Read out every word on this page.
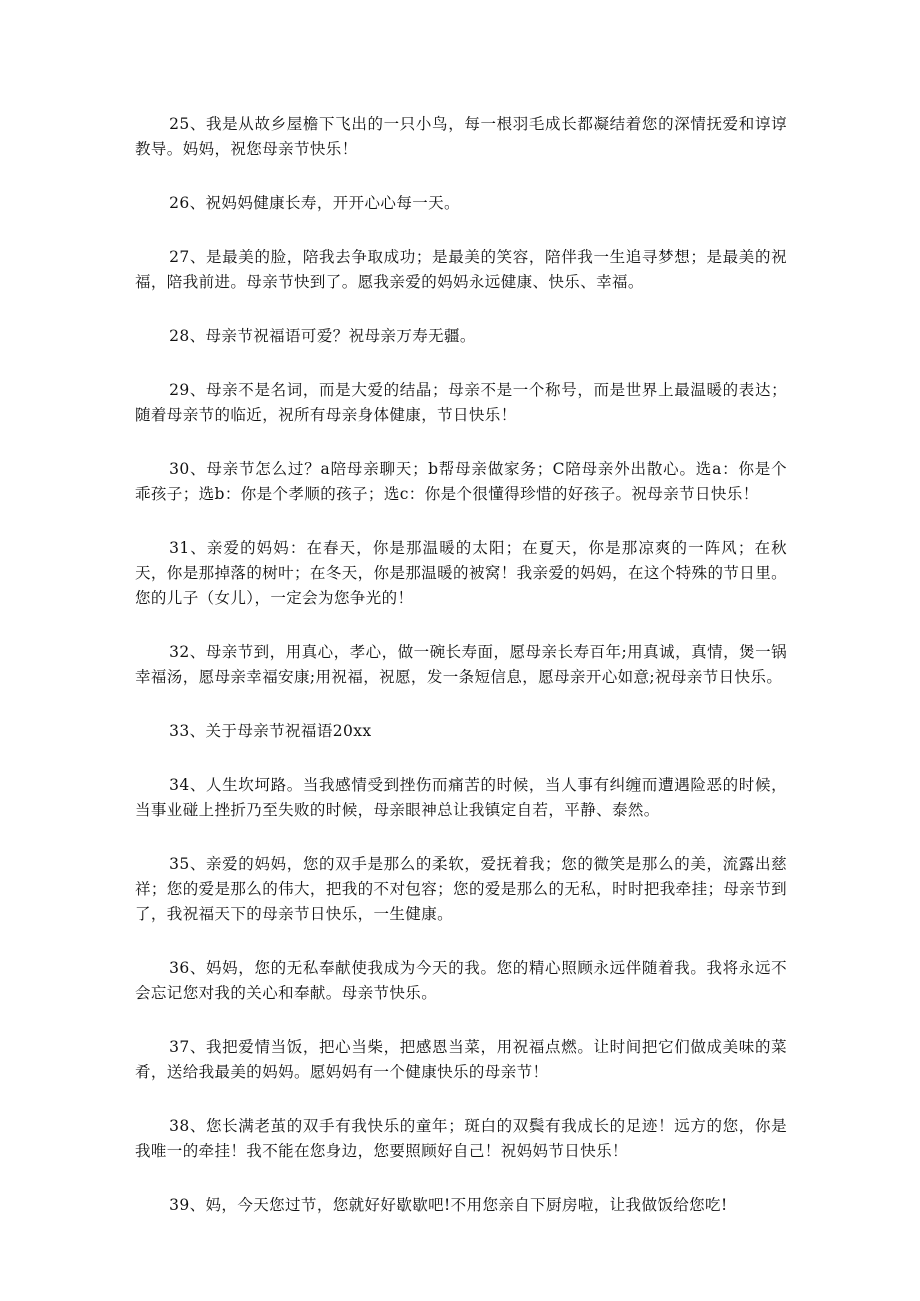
25、我是从故乡屋檐下飞出的一只小鸟，每一根羽毛成长都凝结着您的深情抚爱和谆谆教导。妈妈，祝您母亲节快乐！

26、祝妈妈健康长寿，开开心心每一天。

27、是最美的脸，陪我去争取成功；是最美的笑容，陪伴我一生追寻梦想；是最美的祝福，陪我前进。母亲节快到了。愿我亲爱的妈妈永远健康、快乐、幸福。

28、母亲节祝福语可爱？祝母亲万寿无疆。

29、母亲不是名词，而是大爱的结晶；母亲不是一个称号，而是世界上最温暖的表达；随着母亲节的临近，祝所有母亲身体健康，节日快乐！

30、母亲节怎么过？a陪母亲聊天；b帮母亲做家务；C陪母亲外出散心。选a：你是个乖孩子；选b：你是个孝顺的孩子；选c：你是个很懂得珍惜的好孩子。祝母亲节日快乐！

31、亲爱的妈妈：在春天，你是那温暖的太阳；在夏天，你是那凉爽的一阵风；在秋天，你是那掉落的树叶；在冬天，你是那温暖的被窝！我亲爱的妈妈，在这个特殊的节日里。您的儿子（女儿），一定会为您争光的！

32、母亲节到，用真心，孝心，做一碗长寿面，愿母亲长寿百年;用真诚，真情，煲一锅幸福汤，愿母亲幸福安康;用祝福，祝愿，发一条短信息，愿母亲开心如意;祝母亲节日快乐。

33、关于母亲节祝福语20xx

34、人生坎坷路。当我感情受到挫伤而痛苦的时候，当人事有纠缠而遭遇险恶的时候，当事业碰上挫折乃至失败的时候，母亲眼神总让我镇定自若，平静、泰然。

35、亲爱的妈妈，您的双手是那么的柔软，爱抚着我；您的微笑是那么的美，流露出慈祥；您的爱是那么的伟大，把我的不对包容；您的爱是那么的无私，时时把我牵挂；母亲节到了，我祝福天下的母亲节日快乐，一生健康。

36、妈妈，您的无私奉献使我成为今天的我。您的精心照顾永远伴随着我。我将永远不会忘记您对我的关心和奉献。母亲节快乐。

37、我把爱情当饭，把心当柴，把感恩当菜，用祝福点燃。让时间把它们做成美味的菜肴，送给我最美的妈妈。愿妈妈有一个健康快乐的母亲节！

38、您长满老茧的双手有我快乐的童年；斑白的双鬓有我成长的足迹！远方的您，你是我唯一的牵挂！我不能在您身边，您要照顾好自己！祝妈妈节日快乐！

39、妈，今天您过节，您就好好歇歇吧!不用您亲自下厨房啦，让我做饭给您吃!
